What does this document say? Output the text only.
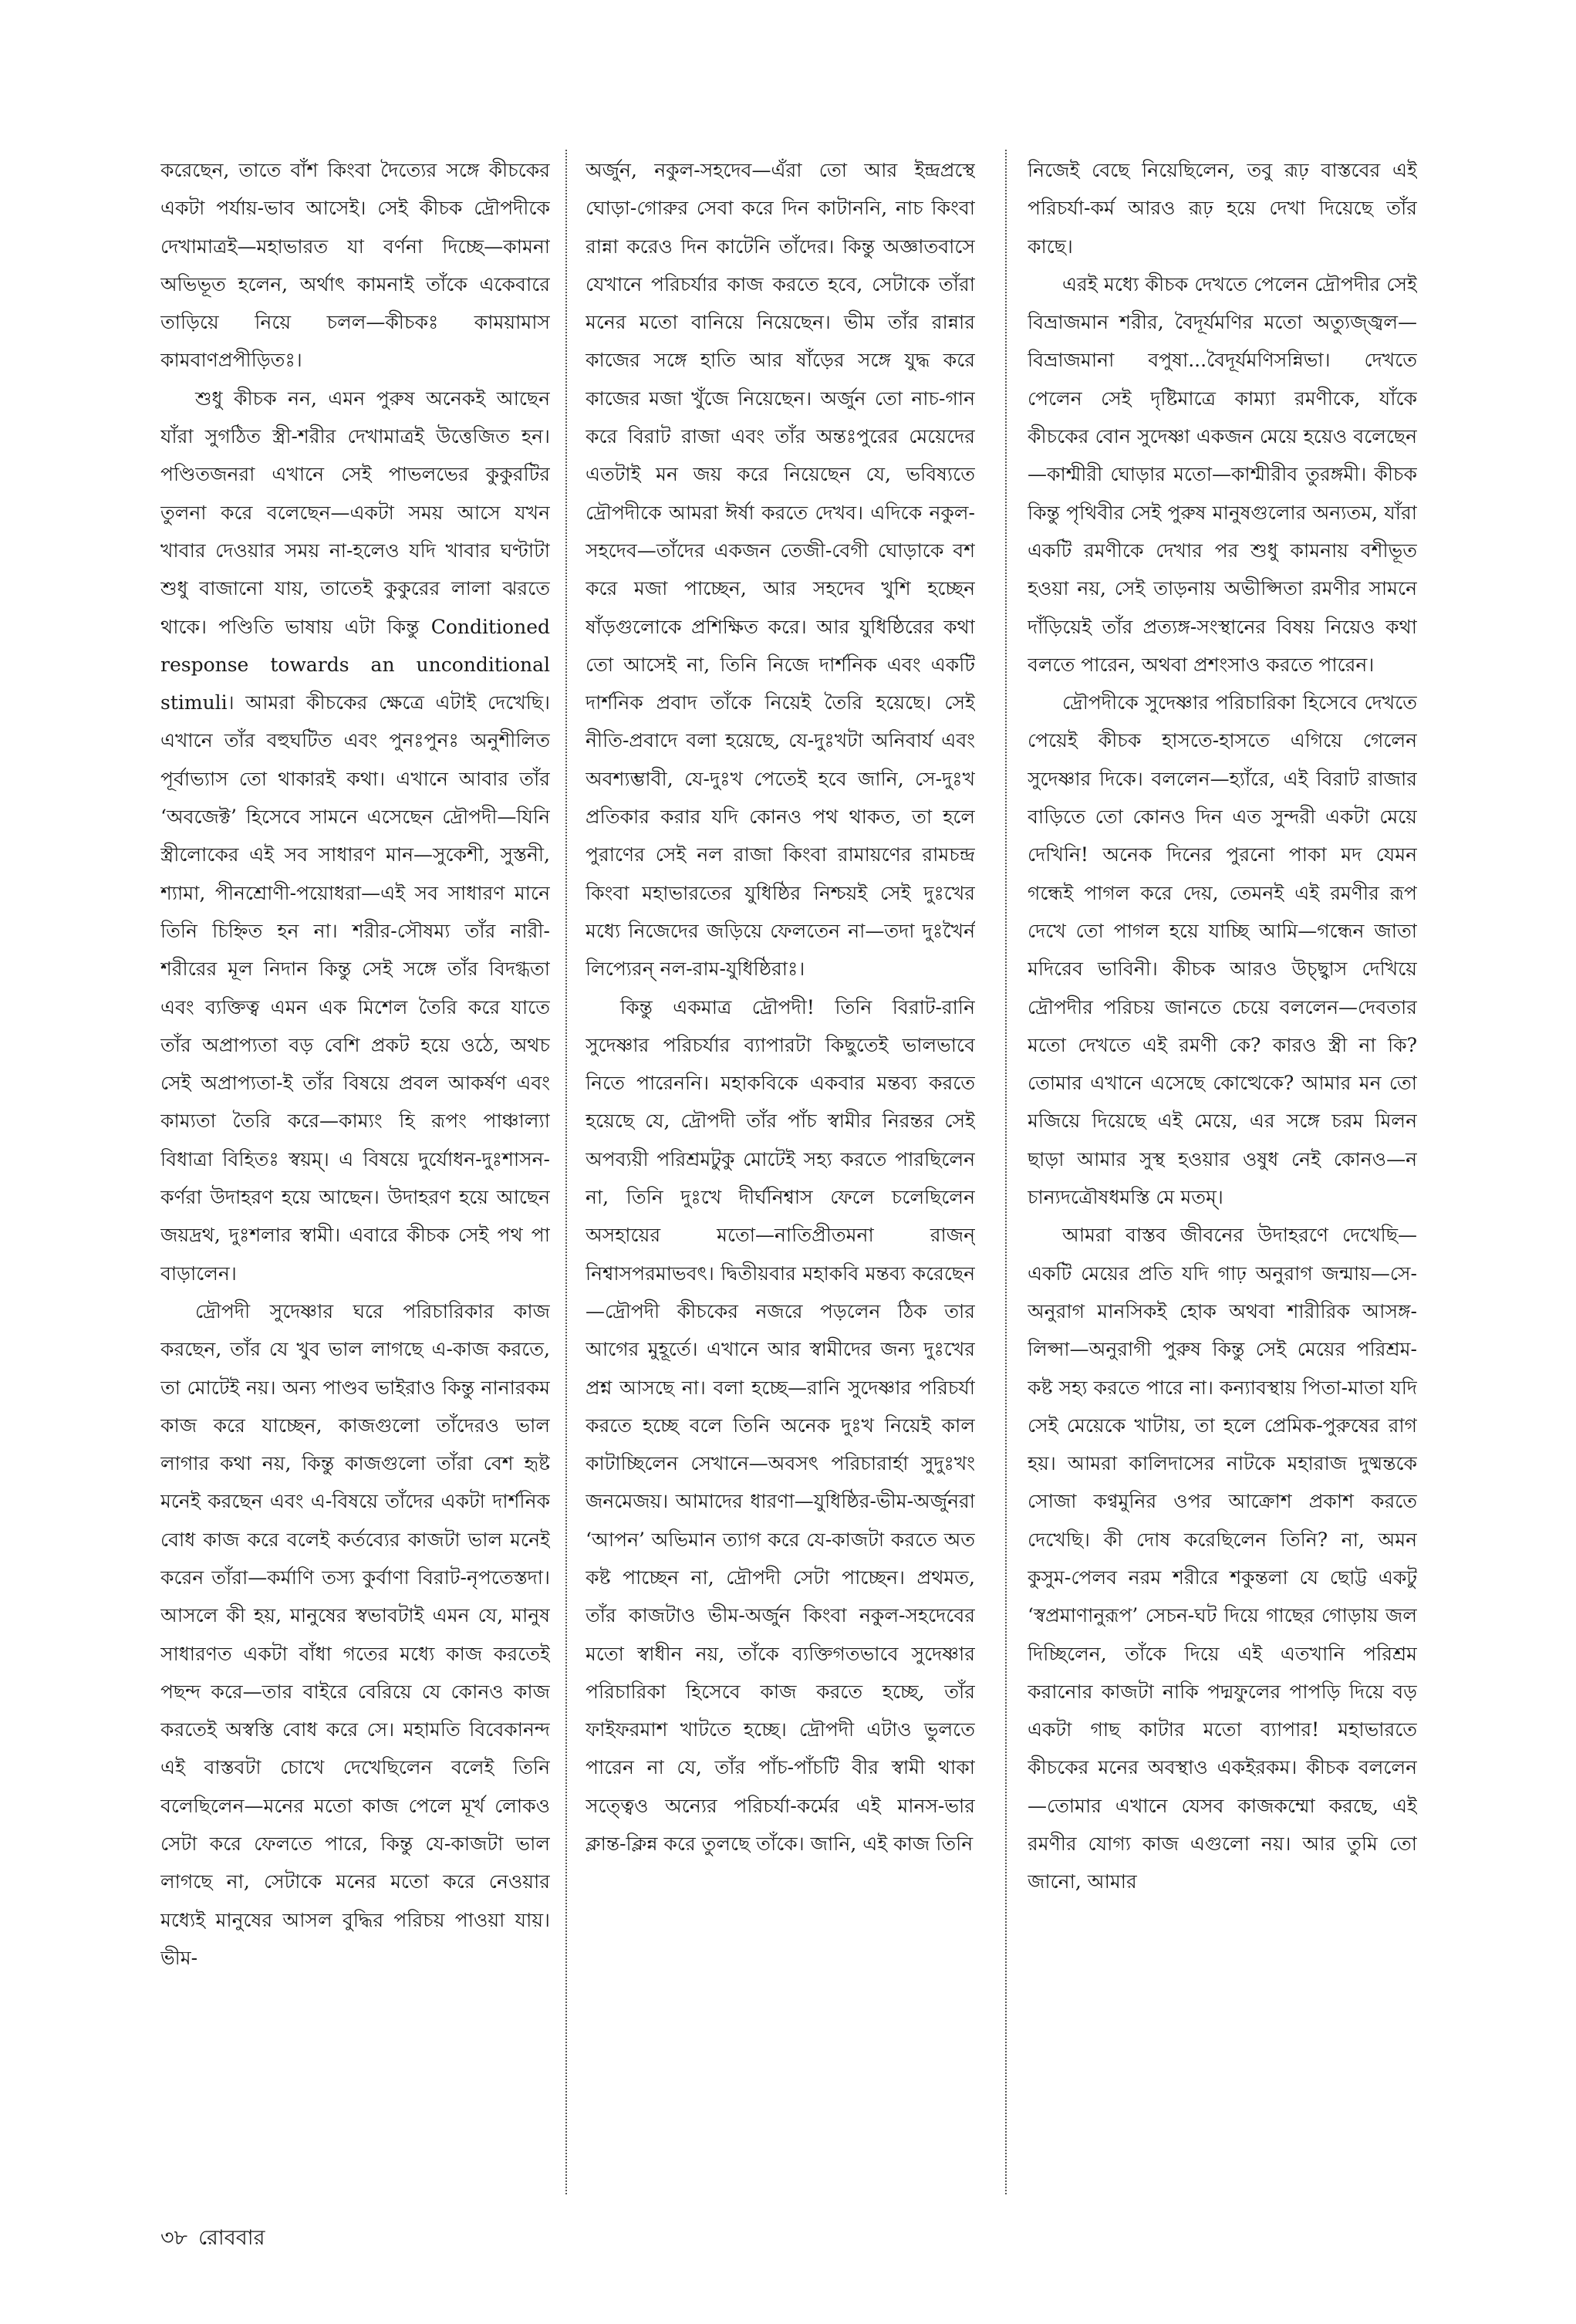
করেছেন, তাতে বাঁশ কিংবা দৈত্যের সঙ্গে কীচকের একটা পর্যায়-ভাব আসেই। সেই কীচক দ্রৌপদীকে দেখামাত্রই—মহাভারত যা বর্ণনা দিচ্ছে—কামনা অভিভূত হলেন, অর্থাৎ কামনাই তাঁকে একেবারে তাড়িয়ে নিয়ে চলল—কীচকঃ কাময়ামাস কামবাণপ্রপীড়িতঃ।

শুধু কীচক নন, এমন পুরুষ অনেকই আছেন যাঁরা সুগঠিত স্ত্রী-শরীর দেখামাত্রই উত্তেজিত হন। পণ্ডিতজনরা এখানে সেই পাভলভের কুকুরটির তুলনা করে বলেছেন—একটা সময় আসে যখন খাবার দেওয়ার সময় না-হলেও যদি খাবার ঘণ্টাটা শুধু বাজানো যায়, তাতেই কুকুরের লালা ঝরতে থাকে। পণ্ডিতি ভাষায় এটা কিন্তু Conditioned response towards an unconditional stimuli। আমরা কীচকের ক্ষেত্রে এটাই দেখেছি। এখানে তাঁর বহুঘটিত এবং পুনঃপুনঃ অনুশীলিত পূর্বাভ্যাস তো থাকারই কথা। এখানে আবার তাঁর ‘অবজেক্ট’ হিসেবে সামনে এসেছেন দ্রৌপদী—যিনি স্ত্রীলোকের এই সব সাধারণ মান—সুকেশী, সুস্তনী, শ্যামা, পীনশ্রোণী-পয়োধরা—এই সব সাধারণ মানে তিনি চিহ্নিত হন না। শরীর-সৌষম্য তাঁর নারী-শরীরের মূল নিদান কিন্তু সেই সঙ্গে তাঁর বিদগ্ধতা এবং ব্যক্তিত্ব এমন এক মিশেল তৈরি করে যাতে তাঁর অপ্রাপ্যতা বড় বেশি প্রকট হয়ে ওঠে, অথচ সেই অপ্রাপ্যতা-ই তাঁর বিষয়ে প্রবল আকর্ষণ এবং কাম্যতা তৈরি করে—কাম্যং হি রূপং পাঞ্চাল্যা বিধাত্রা বিহিতঃ স্বয়ম্। এ বিষয়ে দুর্যোধন-দুঃশাসন-কর্ণরা উদাহরণ হয়ে আছেন। উদাহরণ হয়ে আছেন জয়দ্রথ, দুঃশলার স্বামী। এবারে কীচক সেই পথ পা বাড়ালেন।

দ্রৌপদী সুদেষ্ণার ঘরে পরিচারিকার কাজ করছেন, তাঁর যে খুব ভাল লাগছে এ-কাজ করতে, তা মোটেই নয়। অন্য পাণ্ডব ভাইরাও কিন্তু নানারকম কাজ করে যাচ্ছেন, কাজগুলো তাঁদেরও ভাল লাগার কথা নয়, কিন্তু কাজগুলো তাঁরা বেশ হৃষ্ট মনেই করছেন এবং এ-বিষয়ে তাঁদের একটা দার্শনিক বোধ কাজ করে বলেই কর্তব্যের কাজটা ভাল মনেই করেন তাঁরা—কর্মাণি তস্য কুর্বাণা বিরাট-নৃপতেস্তদা। আসলে কী হয়, মানুষের স্বভাবটাই এমন যে, মানুষ সাধারণত একটা বাঁধা গতের মধ্যে কাজ করতেই পছন্দ করে—তার বাইরে বেরিয়ে যে কোনও কাজ করতেই অস্বস্তি বোধ করে সে। মহামতি বিবেকানন্দ এই বাস্তবটা চোখে দেখেছিলেন বলেই তিনি বলেছিলেন—মনের মতো কাজ পেলে মূর্খ লোকও সেটা করে ফেলতে পারে, কিন্তু যে-কাজটা ভাল লাগছে না, সেটাকে মনের মতো করে নেওয়ার মধ্যেই মানুষের আসল বুদ্ধির পরিচয় পাওয়া যায়। ভীম-

অর্জুন, নকুল-সহদেব—এঁরা তো আর ইন্দ্রপ্রস্থে ঘোড়া-গোরুর সেবা করে দিন কাটাননি, নাচ কিংবা রান্না করেও দিন কাটেনি তাঁদের। কিন্তু অজ্ঞাতবাসে যেখানে পরিচর্যার কাজ করতে হবে, সেটাকে তাঁরা মনের মতো বানিয়ে নিয়েছেন। ভীম তাঁর রান্নার কাজের সঙ্গে হাতি আর ষাঁড়ের সঙ্গে যুদ্ধ করে কাজের মজা খুঁজে নিয়েছেন। অর্জুন তো নাচ-গান করে বিরাট রাজা এবং তাঁর অন্তঃপুরের মেয়েদের এতটাই মন জয় করে নিয়েছেন যে, ভবিষ্যতে দ্রৌপদীকে আমরা ঈর্ষা করতে দেখব। এদিকে নকুল-সহদেব—তাঁদের একজন তেজী-বেগী ঘোড়াকে বশ করে মজা পাচ্ছেন, আর সহদেব খুশি হচ্ছেন ষাঁড়গুলোকে প্রশিক্ষিত করে। আর যুধিষ্ঠিরের কথা তো আসেই না, তিনি নিজে দার্শনিক এবং একটি দার্শনিক প্রবাদ তাঁকে নিয়েই তৈরি হয়েছে। সেই নীতি-প্রবাদে বলা হয়েছে, যে-দুঃখটা অনিবার্য এবং অবশ্যম্ভাবী, যে-দুঃখ পেতেই হবে জানি, সে-দুঃখ প্রতিকার করার যদি কোনও পথ থাকত, তা হলে পুরাণের সেই নল রাজা কিংবা রামায়ণের রামচন্দ্র কিংবা মহাভারতের যুধিষ্ঠির নিশ্চয়ই সেই দুঃখের মধ্যে নিজেদের জড়িয়ে ফেলতেন না—তদা দুঃখৈর্ন লিপ্যেরন্ নল-রাম-যুধিষ্ঠিরাঃ।

কিন্তু একমাত্র দ্রৌপদী! তিনি বিরাট-রানি সুদেষ্ণার পরিচর্যার ব্যাপারটা কিছুতেই ভালভাবে নিতে পারেননি। মহাকবিকে একবার মন্তব্য করতে হয়েছে যে, দ্রৌপদী তাঁর পাঁচ স্বামীর নিরন্তর সেই অপব্যয়ী পরিশ্রমটুকু মোটেই সহ্য করতে পারছিলেন না, তিনি দুঃখে দীর্ঘনিশ্বাস ফেলে চলেছিলেন অসহায়ের মতো—নাতিপ্রীতমনা রাজন্ নিশ্বাসপরমাভবৎ। দ্বিতীয়বার মহাকবি মন্তব্য করেছেন—দ্রৌপদী কীচকের নজরে পড়লেন ঠিক তার আগের মুহূর্তে। এখানে আর স্বামীদের জন্য দুঃখের প্রশ্ন আসছে না। বলা হচ্ছে—রানি সুদেষ্ণার পরিচর্যা করতে হচ্ছে বলে তিনি অনেক দুঃখ নিয়েই কাল কাটাচ্ছিলেন সেখানে—অবসৎ পরিচারার্হা সুদুঃখং জনমেজয়। আমাদের ধারণা—যুধিষ্ঠির-ভীম-অর্জুনরা ‘আপন’ অভিমান ত্যাগ করে যে-কাজটা করতে অত কষ্ট পাচ্ছেন না, দ্রৌপদী সেটা পাচ্ছেন। প্রথমত, তাঁর কাজটাও ভীম-অর্জুন কিংবা নকুল-সহদেবের মতো স্বাধীন নয়, তাঁকে ব্যক্তিগতভাবে সুদেষ্ণার পরিচারিকা হিসেবে কাজ করতে হচ্ছে, তাঁর ফাইফরমাশ খাটতে হচ্ছে। দ্রৌপদী এটাও ভুলতে পারেন না যে, তাঁর পাঁচ-পাঁচটি বীর স্বামী থাকা সত্ত্বেও অন্যের পরিচর্যা-কর্মের এই মানস-ভার ক্লান্ত-ক্লিন্ন করে তুলছে তাঁকে। জানি, এই কাজ তিনি

নিজেই বেছে নিয়েছিলেন, তবু রূঢ় বাস্তবের এই পরিচর্যা-কর্ম আরও রূঢ় হয়ে দেখা দিয়েছে তাঁর কাছে।

এরই মধ্যে কীচক দেখতে পেলেন দ্রৌপদীর সেই বিভ্রাজমান শরীর, বৈদূর্যমণির মতো অত্যুজ্জ্বল—বিভ্রাজমানা বপুষা...বৈদূর্যমণিসন্নিভা। দেখতে পেলেন সেই দৃষ্টিমাত্রে কাম্যা রমণীকে, যাঁকে কীচকের বোন সুদেষ্ণা একজন মেয়ে হয়েও বলেছেন—কাশ্মীরী ঘোড়ার মতো—কাশ্মীরীব তুরঙ্গমী। কীচক কিন্তু পৃথিবীর সেই পুরুষ মানুষগুলোর অন্যতম, যাঁরা একটি রমণীকে দেখার পর শুধু কামনায় বশীভূত হওয়া নয়, সেই তাড়নায় অভীপ্সিতা রমণীর সামনে দাঁড়িয়েই তাঁর প্রত্যঙ্গ-সংস্থানের বিষয় নিয়েও কথা বলতে পারেন, অথবা প্রশংসাও করতে পারেন।

দ্রৌপদীকে সুদেষ্ণার পরিচারিকা হিসেবে দেখতে পেয়েই কীচক হাসতে-হাসতে এগিয়ে গেলেন সুদেষ্ণার দিকে। বললেন—হ্যাঁরে, এই বিরাট রাজার বাড়িতে তো কোনও দিন এত সুন্দরী একটা মেয়ে দেখিনি! অনেক দিনের পুরনো পাকা মদ যেমন গন্ধেই পাগল করে দেয়, তেমনই এই রমণীর রূপ দেখে তো পাগল হয়ে যাচ্ছি আমি—গন্ধেন জাতা মদিরেব ভাবিনী। কীচক আরও উচ্ছ্বাস দেখিয়ে দ্রৌপদীর পরিচয় জানতে চেয়ে বললেন—দেবতার মতো দেখতে এই রমণী কে? কারও স্ত্রী না কি? তোমার এখানে এসেছে কোত্থেকে? আমার মন তো মজিয়ে দিয়েছে এই মেয়ে, এর সঙ্গে চরম মিলন ছাড়া আমার সুস্থ হওয়ার ওষুধ নেই কোনও—ন চান্যদত্রৌষধমস্তি মে মতম্।

আমরা বাস্তব জীবনের উদাহরণে দেখেছি—একটি মেয়ের প্রতি যদি গাঢ় অনুরাগ জন্মায়—সে-অনুরাগ মানসিকই হোক অথবা শারীরিক আসঙ্গ-লিপ্সা—অনুরাগী পুরুষ কিন্তু সেই মেয়ের পরিশ্রম-কষ্ট সহ্য করতে পারে না। কন্যাবস্থায় পিতা-মাতা যদি সেই মেয়েকে খাটায়, তা হলে প্রেমিক-পুরুষের রাগ হয়। আমরা কালিদাসের নাটকে মহারাজ দুষ্মন্তকে সোজা কণ্বমুনির ওপর আক্রোশ প্রকাশ করতে দেখেছি। কী দোষ করেছিলেন তিনি? না, অমন কুসুম-পেলব নরম শরীরে শকুন্তলা যে ছোট্ট একটু ‘স্বপ্রমাণানুরূপ’ সেচন-ঘট দিয়ে গাছের গোড়ায় জল দিচ্ছিলেন, তাঁকে দিয়ে এই এতখানি পরিশ্রম করানোর কাজটা নাকি পদ্মফুলের পাপড়ি দিয়ে বড় একটা গাছ কাটার মতো ব্যাপার! মহাভারতে কীচকের মনের অবস্থাও একইরকম। কীচক বললেন—তোমার এখানে যেসব কাজকম্মো করছে, এই রমণীর যোগ্য কাজ এগুলো নয়। আর তুমি তো জানো, আমার

৩৮ রোববার
